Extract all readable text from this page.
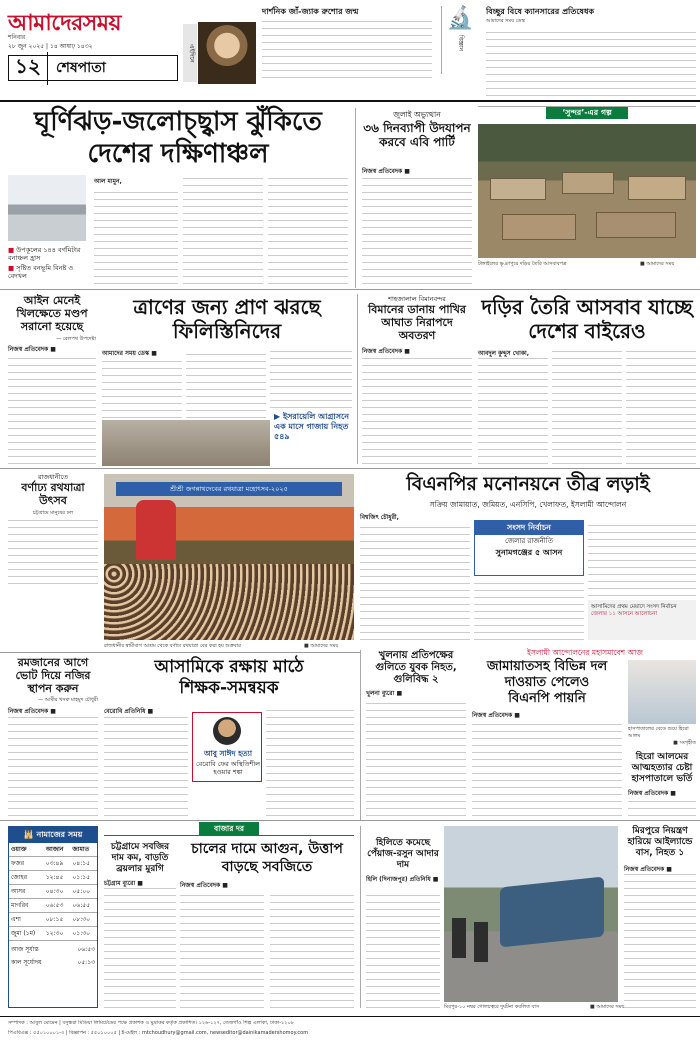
আমাদেরসময়
শনিবার
২৮ জুন ২০২৫ | ১৪ আষাঢ় ১৪৩২
১২	শেষপাতা
এইদিনে
দার্শনিক জাঁ-জ্যাক রুশোর জন্ম	🔬
বিজ্ঞান
বিচ্ছুর বিষে ক্যানসারের প্রতিষেধক
আমাদের সময় ডেস্ক
ঘূর্ণিঝড়-জলোচ্ছ্বাস ঝুঁকিতে
দেশের দক্ষিণাঞ্চল
■ উপকূলের ১৪৪ বর্গমিটার বনাঞ্চল হ্রাস
■ সৃষ্টিত বনভূমি বিনষ্ট ও বেদখল
আল মামুন,
জুলাই অভ্যুত্থান
৩৬ দিনব্যাপী উদযাপন করবে এবি পার্টি
নিজস্ব প্রতিবেদক ■
‘সুন্দর’-এর গল্প
টাঙ্গাইলের ভূঞাপুরে দড়ির তৈরি আসবাবপত্র	■ আমাদের সময়
আইন মেনেই খিলক্ষেতে মণ্ডপ সরানো হয়েছে
— রেলপথ উপদেষ্টা
নিজস্ব প্রতিবেদক ■
ত্রাণের জন্য প্রাণ ঝরছে
ফিলিস্তিনিদের
আমাদের সময় ডেস্ক ■
▶ ইসরায়েলি আগ্রাসনে এক মাসে গাজায় নিহত ৫৪৯
শাহজালাল বিমানবন্দর
বিমানের ডানায় পাখির আঘাত নিরাপদে অবতরণ
নিজস্ব প্রতিবেদক ■
দড়ির তৈরি আসবাব যাচ্ছে
দেশের বাইরেও
আবদুল কুদ্দুস খোকা,
রাজধানীতে
বর্ণাঢ্য রথযাত্রা উৎসব
চট্টগ্রামে মানুষের ঢল
শ্রীশ্রী জগন্নাথদেবের রথযাত্রা মহোৎসব-২০২৫
রাজধানীর স্বামীবাগ আশ্রম থেকে বর্ণাঢ্য রথযাত্রা বের করা হয় শুক্রবার	■ আমাদের সময়
বিএনপির মনোনয়নে তীব্র লড়াই
সক্রিয় জামায়াত, জমিয়ত, এনসিপি, খেলাফত, ইসলামী আন্দোলন
বিশ্বজিৎ চৌধুরী,
সংসদ নির্বাচন
জেলার রাজনীতি
সুনামগঞ্জের ৫ আসন
আসামিদের প্রথম মেয়াদে সংসদ নির্বাচন
জেলার ১১ আসনে আলোচনা
রমজানের আগে ভোট দিয়ে নজির স্থাপন করুন
— আমীর খসরু মাহমুদ চৌধুরী
নিজস্ব প্রতিবেদক ■
আসামিকে রক্ষায় মাঠে
শিক্ষক-সমন্বয়ক
বেরোবি প্রতিনিধি ■
আবু সাঈদ হত্যা
বেরোবি ফের অস্থিতিশীল হওয়ার শঙ্কা
খুলনায় প্রতিপক্ষের গুলিতে যুবক নিহত, গুলিবিদ্ধ ২
খুলনা ব্যুরো ■
ইসলামী আন্দোলনের মহাসমাবেশ আজ
জামায়াতসহ বিভিন্ন দল
দাওয়াত পেলেও
বিএনপি পায়নি
নিজস্ব প্রতিবেদক ■
হাসপাতালের বেডে শুয়ে হিরো আলম
■ সংগৃহীত
হিরো আলমের আত্মহত্যার চেষ্টা হাসপাতালে ভর্তি
নিজস্ব প্রতিবেদক ■
🕌 নামাজের সময়
ওয়াক্ত	আজান	জামাত
ফজর	০৩:৪৯	০৪:১৫
জোহর	১২:৪৫	০১:১৫
আসর	০৪:৩০	০৫:০০
মাগরিব	০৬:৫৩	০৬:৫৫
এশা	০৮:১৫	০৮:৩০
জুমা (১ম)	১২:৩০	০১:৩০
আজ সূর্যাস্ত	০৬:৫৩
কাল সূর্যোদয়	০৫:১৩
বাজার দর
চট্টগ্রামে সবজির দাম কম, বাড়তি ব্রয়লার মুরগি
চট্টগ্রাম ব্যুরো ■
চালের দামে আগুন, উত্তাপ
বাড়ছে সবজিতে
নিজস্ব প্রতিবেদক ■
হিলিতে কমেছে পেঁয়াজ-রসুন আদার দাম
হিলি (দিনাজপুর) প্রতিনিধি ■
মিরপুর-১০ নম্বর গোলচত্বরে দুর্ঘটনা কবলিত বাস	■ আমাদের সময়
মিরপুরে নিয়ন্ত্রণ হারিয়ে আইল্যান্ডে বাস, নিহত ১
নিজস্ব প্রতিবেদক ■
সম্পাদক : আবুল মোমেন | বসুন্ধরা মিডিয়া লিমিটেডের পক্ষে প্রকাশক ও মুদ্রাকর কর্তৃক প্রকাশিত। ১২৬-১২৭, তেজগাঁও শিল্প এলাকা, ঢাকা-১২০৮
পিএবিএক্স : ৫৫০১০০০১-৩ | বিজ্ঞাপন : ৫৫০১০০০৫ | ই-মেইল : mtchoudhury@gmail.com, newseditor@dainikamadershomoy.com
